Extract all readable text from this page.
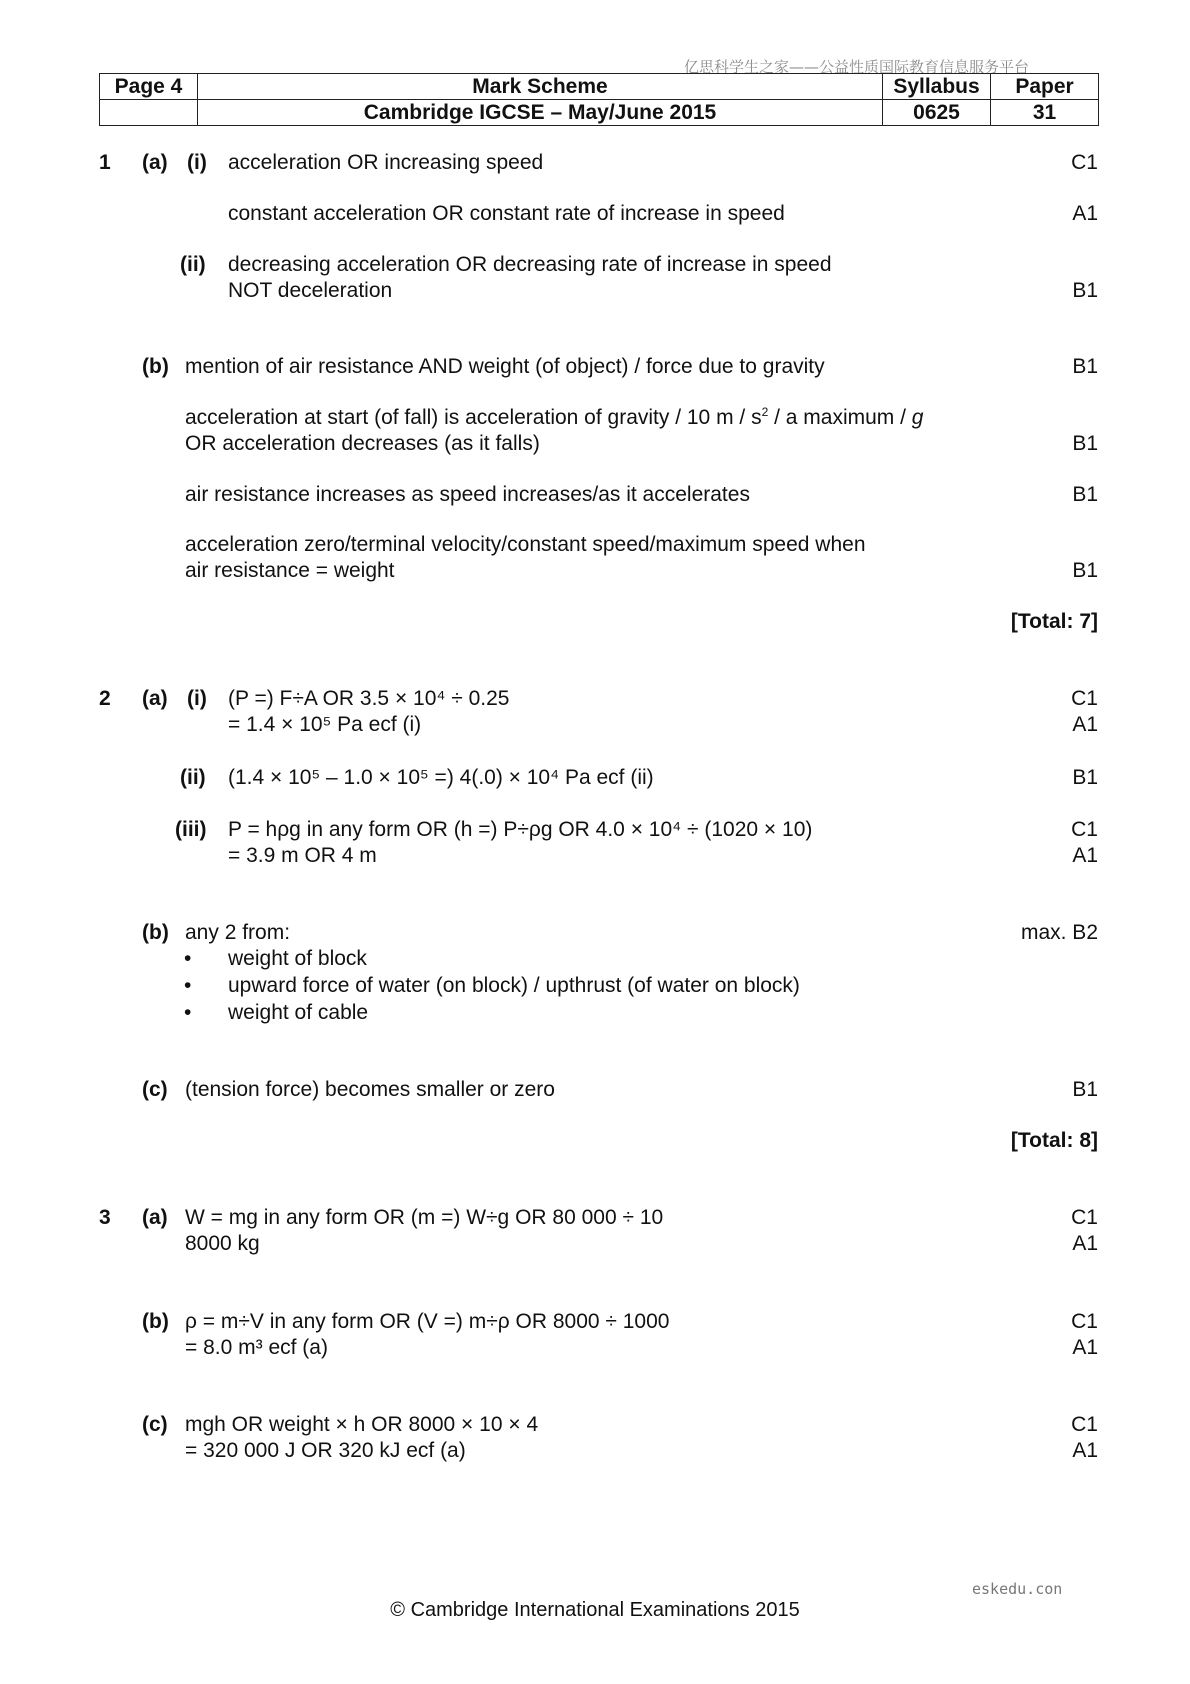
亿思科学生之家——公益性质国际教育信息服务平台
Page 4	Mark Scheme	Syllabus	Paper
	Cambridge IGCSE – May/June 2015	0625	31
1 (a) (i) acceleration OR increasing speed	C1
constant acceleration OR constant rate of increase in speed	A1
(ii) decreasing acceleration OR decreasing rate of increase in speed
NOT deceleration	B1
(b) mention of air resistance AND weight (of object) / force due to gravity	B1
acceleration at start (of fall) is acceleration of gravity / 10 m / $s^2$ / a maximum / g
OR acceleration decreases (as it falls)	B1
air resistance increases as speed increases/as it accelerates	B1
acceleration zero/terminal velocity/constant speed/maximum speed when
air resistance = weight	B1
[Total: 7]
2 (a) (i) (P =) F÷A OR 3.5 × 10⁴ ÷ 0.25	C1
= 1.4 × 10⁵ Pa ecf (i)	A1
(ii) (1.4 × 10⁵ – 1.0 × 10⁵ =) 4(.0) × 10⁴ Pa ecf (ii)	B1
(iii) P = hρg in any form OR (h =) P÷ρg OR 4.0 × 10⁴ ÷ (1020 × 10)	C1
= 3.9 m OR 4 m	A1
(b) any 2 from:	max. B2
• weight of block
• upward force of water (on block) / upthrust (of water on block)
• weight of cable
(c) (tension force) becomes smaller or zero	B1
[Total: 8]
3 (a) W = mg in any form OR (m =) W÷g OR 80 000 ÷ 10	C1
8000 kg	A1
(b) ρ = m÷V in any form OR (V =) m÷ρ OR 8000 ÷ 1000	C1
= 8.0 m³ ecf (a)	A1
(c) mgh OR weight × h OR 8000 × 10 × 4	C1
= 320 000 J OR 320 kJ ecf (a)	A1
eskedu.con
© Cambridge International Examinations 2015
